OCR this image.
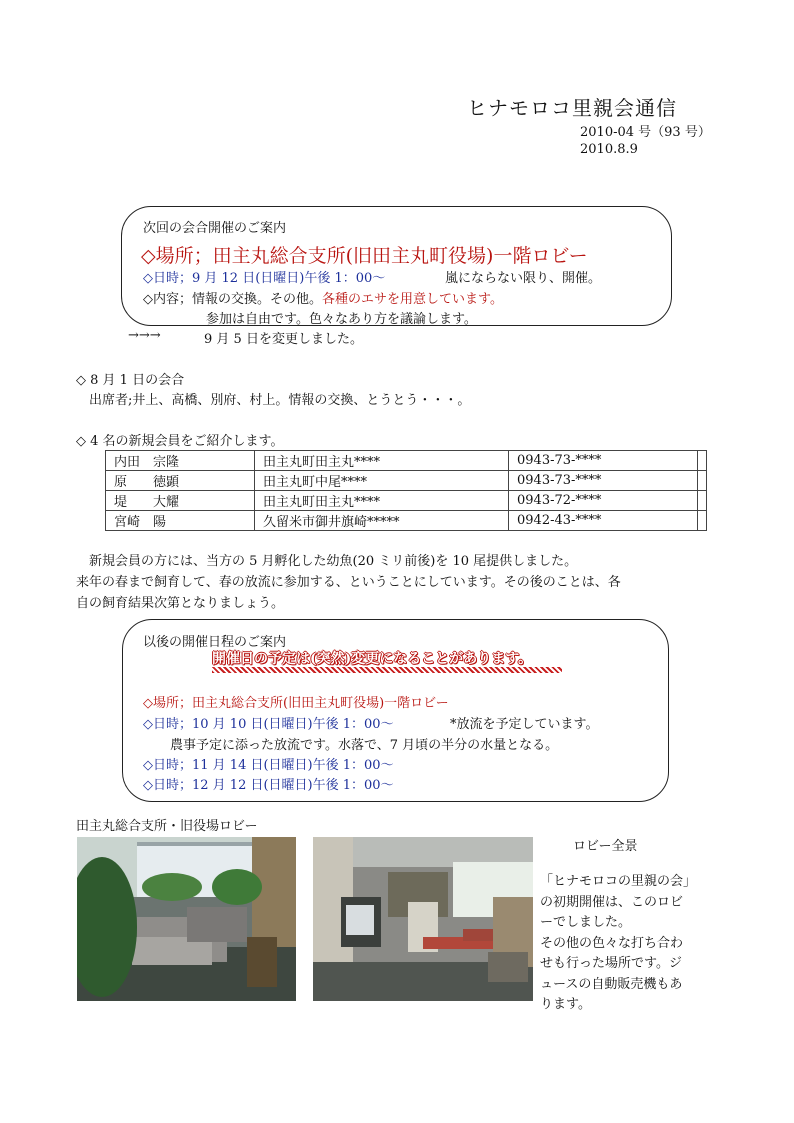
ヒナモロコ里親会通信
2010-04 号（93 号）
2010.8.9
次回の会合開催のご案内
◇場所；田主丸総合支所(旧田主丸町役場)一階ロビー
◇日時；9 月 12 日(日曜日)午後 1：00～	嵐にならない限り、開催。
◇内容；情報の交換。その他。各種のエサを用意しています。
参加は自由です。色々なあり方を議論します。
→→→	9 月 5 日を変更しました。
◇ 8 月 1 日の会合
出席者;井上、高橋、別府、村上。情報の交換、とうとう・・・。
◇ 4 名の新規会員をご紹介します。
内田　宗隆	田主丸町田主丸****	0943-73-****	
原　　徳顕	田主丸町中尾****	0943-73-****	
堤　　大耀	田主丸町田主丸****	0943-72-****	
宮崎　陽	久留米市御井旗崎*****	0942-43-****	
新規会員の方には、当方の 5 月孵化した幼魚(20 ミリ前後)を 10 尾提供しました。
来年の春まで飼育して、春の放流に参加する、ということにしています。その後のことは、各
自の飼育結果次第となりましょう。
以後の開催日程のご案内
開催日の予定は(突然)変更になることがあります。
◇場所；田主丸総合支所(旧田主丸町役場)一階ロビー
◇日時；10 月 10 日(日曜日)午後 1：00～	*放流を予定しています。
農事予定に添った放流です。水落で、7 月頃の半分の水量となる。
◇日時；11 月 14 日(日曜日)午後 1：00～
◇日時；12 月 12 日(日曜日)午後 1：00～
田主丸総合支所・旧役場ロビー
ロビー全景
「ヒナモロコの里親の会」
の初期開催は、このロビ
ーでしました。
その他の色々な打ち合わ
せも行った場所です。ジ
ュースの自動販売機もあ
ります。
